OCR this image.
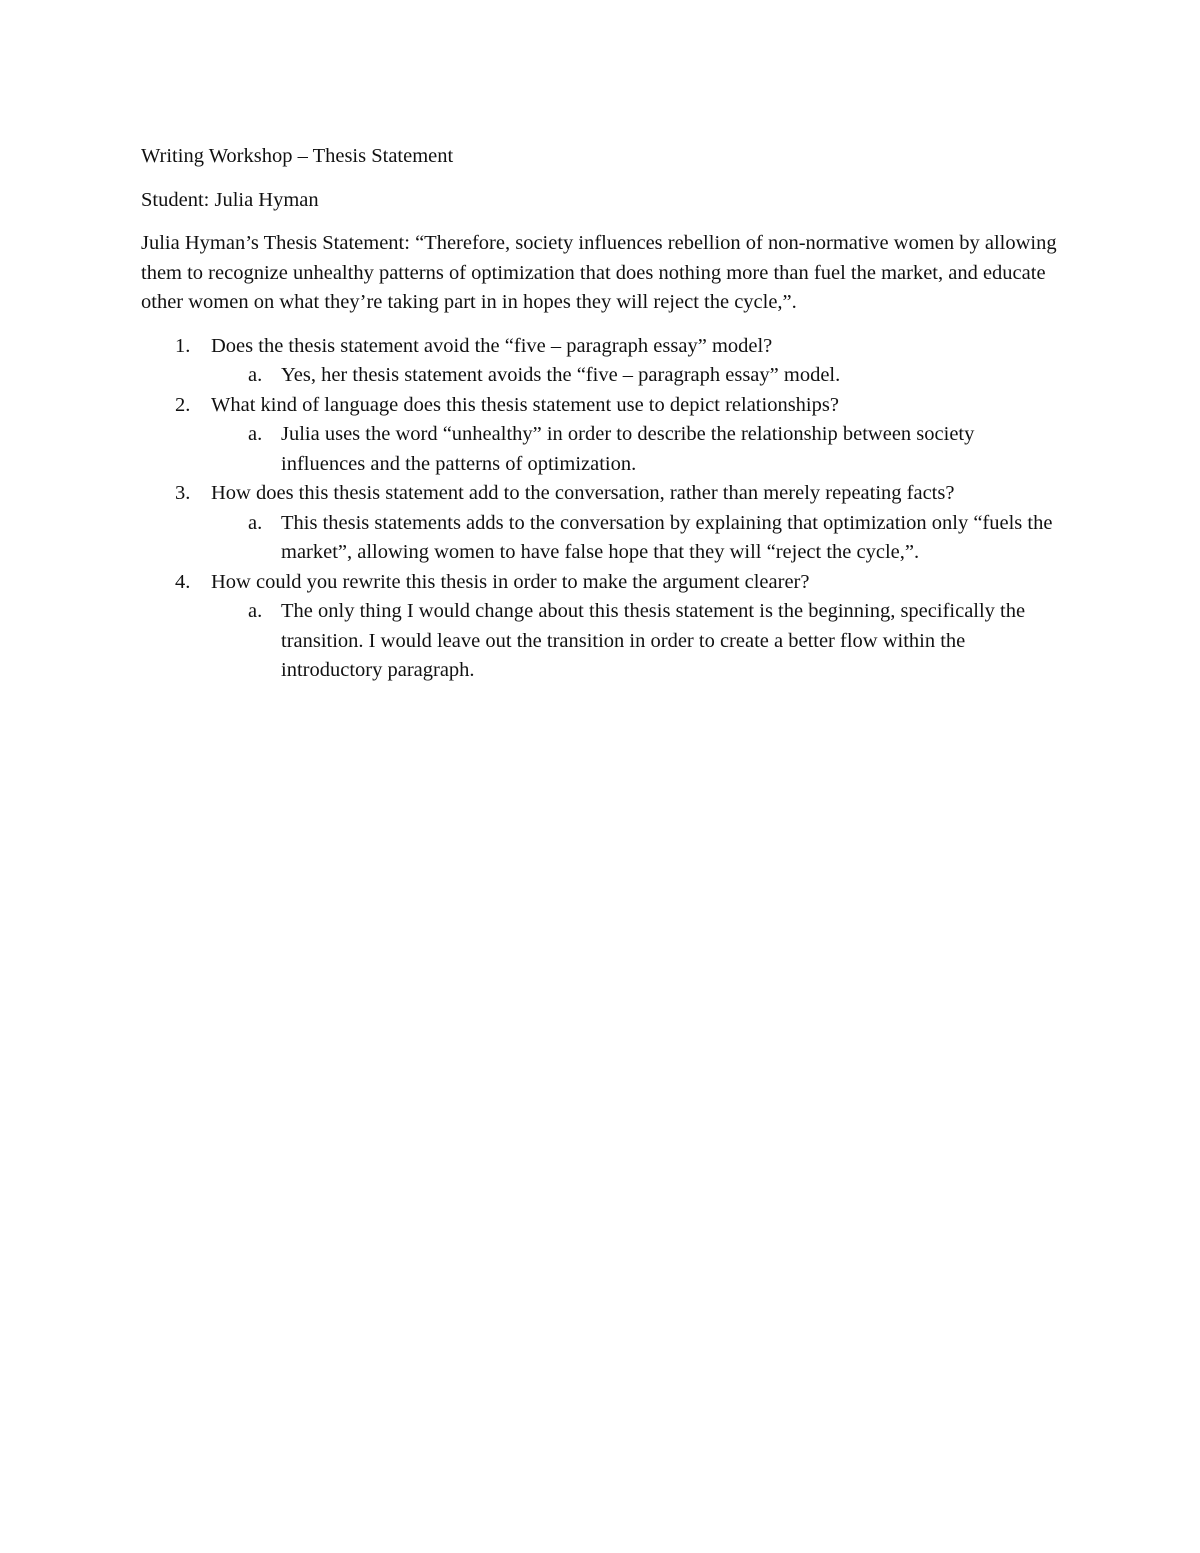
Writing Workshop – Thesis Statement

Student: Julia Hyman

Julia Hyman’s Thesis Statement: “Therefore, society influences rebellion of non-normative women by allowing them to recognize unhealthy patterns of optimization that does nothing more than fuel the market, and educate other women on what they’re taking part in in hopes they will reject the cycle,”.

1. Does the thesis statement avoid the “five – paragraph essay” model?
a. Yes, her thesis statement avoids the “five – paragraph essay” model.
2. What kind of language does this thesis statement use to depict relationships?
a. Julia uses the word “unhealthy” in order to describe the relationship between society influences and the patterns of optimization.
3. How does this thesis statement add to the conversation, rather than merely repeating facts?
a. This thesis statements adds to the conversation by explaining that optimization only “fuels the market”, allowing women to have false hope that they will “reject the cycle,”.
4. How could you rewrite this thesis in order to make the argument clearer?
a. The only thing I would change about this thesis statement is the beginning, specifically the transition. I would leave out the transition in order to create a better flow within the introductory paragraph.
